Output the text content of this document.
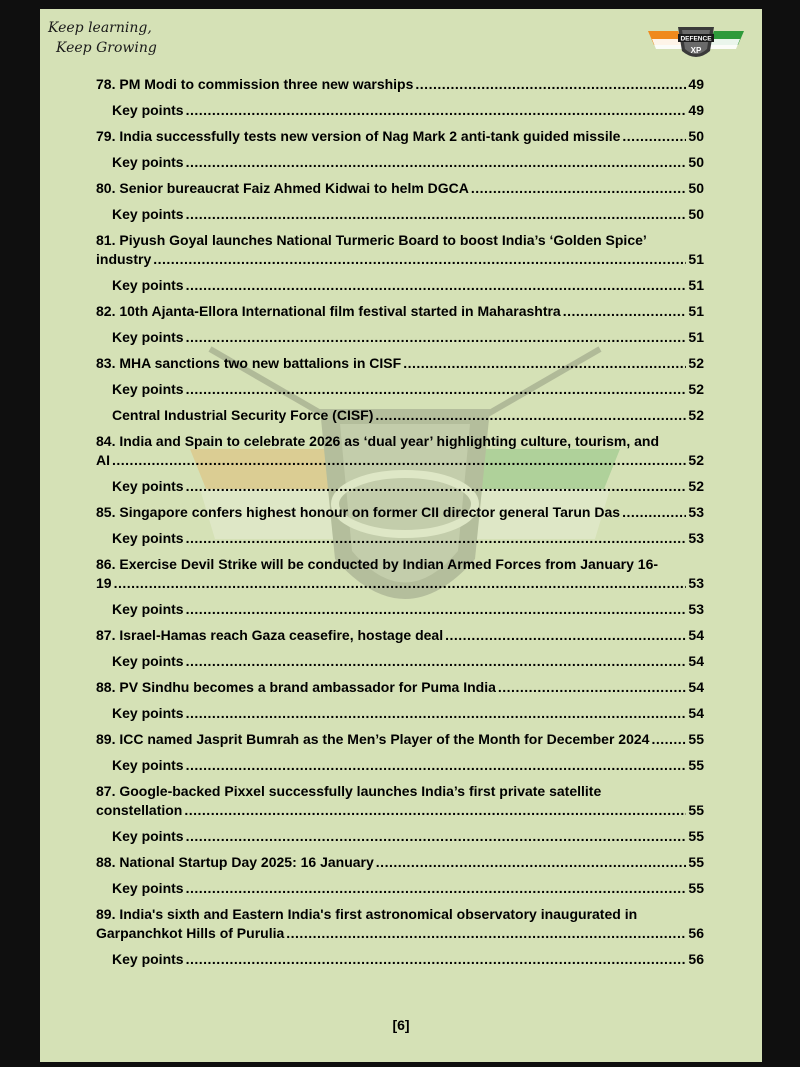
Keep learning,
Keep Growing
DEFENCE
XP
78. PM Modi to commission three new warships .....	49
Key points .....	49
79. India successfully tests new version of Nag Mark 2 anti-tank guided missile .....	50
Key points .....	50
80. Senior bureaucrat Faiz Ahmed Kidwai to helm DGCA .....	50
Key points .....	50
81. Piyush Goyal launches National Turmeric Board to boost India’s ‘Golden Spice’
industry .....	51
Key points .....	51
82. 10th Ajanta-Ellora International film festival started in Maharashtra .....	51
Key points .....	51
83. MHA sanctions two new battalions in CISF .....	52
Key points .....	52
Central Industrial Security Force (CISF) .....	52
84. India and Spain to celebrate 2026 as ‘dual year’ highlighting culture, tourism, and
AI .....	52
Key points .....	52
85. Singapore confers highest honour on former CII director general Tarun Das .....	53
Key points .....	53
86. Exercise Devil Strike will be conducted by Indian Armed Forces from January 16-
19 .....	53
Key points .....	53
87. Israel-Hamas reach Gaza ceasefire, hostage deal .....	54
Key points .....	54
88. PV Sindhu becomes a brand ambassador for Puma India .....	54
Key points .....	54
89. ICC named Jasprit Bumrah as the Men’s Player of the Month for December 2024 .....	55
Key points .....	55
87. Google-backed Pixxel successfully launches India’s first private satellite
constellation .....	55
Key points .....	55
88. National Startup Day 2025: 16 January .....	55
Key points .....	55
89. India's sixth and Eastern India's first astronomical observatory inaugurated in
Garpanchkot Hills of Purulia .....	56
Key points .....	56
[6]
